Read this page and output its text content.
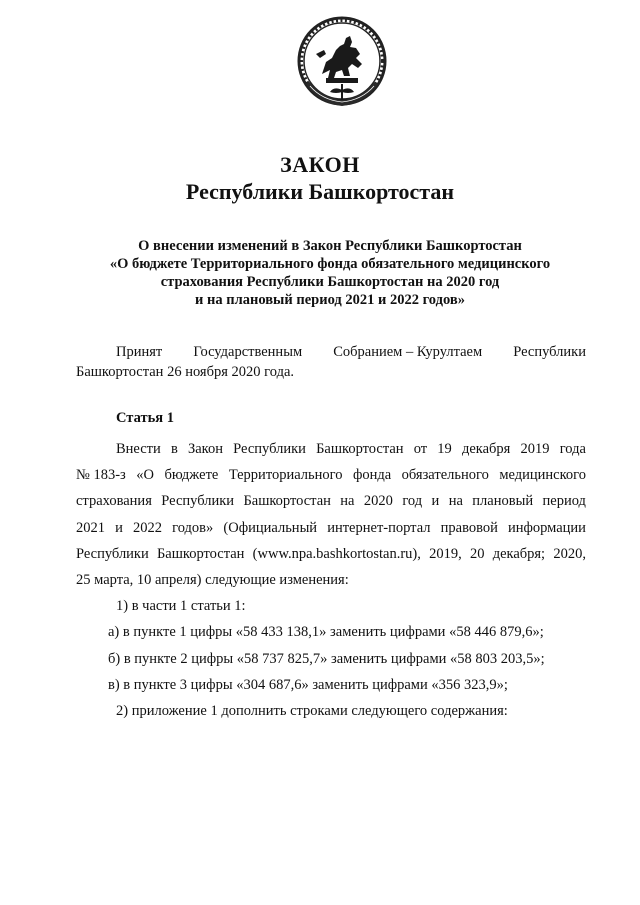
ЗАКОН
Республики Башкортостан
О внесении изменений в Закон Республики Башкортостан
«О бюджете Территориального фонда обязательного медицинского
страхования Республики Башкортостан на 2020 год
и на плановый период 2021 и 2022 годов»
Принят Государственным Собранием – Курултаем Республики
Башкортостан 26 ноября 2020 года.
Статья 1
Внести в Закон Республики Башкортостан от 19 декабря 2019 года
№ 183-з «О бюджете Территориального фонда обязательного медицинского
страхования Республики Башкортостан на 2020 год и на плановый период
2021 и 2022 годов» (Официальный интернет-портал правовой информации
Республики Башкортостан (www.npa.bashkortostan.ru), 2019, 20 декабря; 2020,
25 марта, 10 апреля) следующие изменения:
1) в части 1 статьи 1:
а) в пункте 1 цифры «58 433 138,1» заменить цифрами «58 446 879,6»;
б) в пункте 2 цифры «58 737 825,7» заменить цифрами «58 803 203,5»;
в) в пункте 3 цифры «304 687,6» заменить цифрами «356 323,9»;
2) приложение 1 дополнить строками следующего содержания:
